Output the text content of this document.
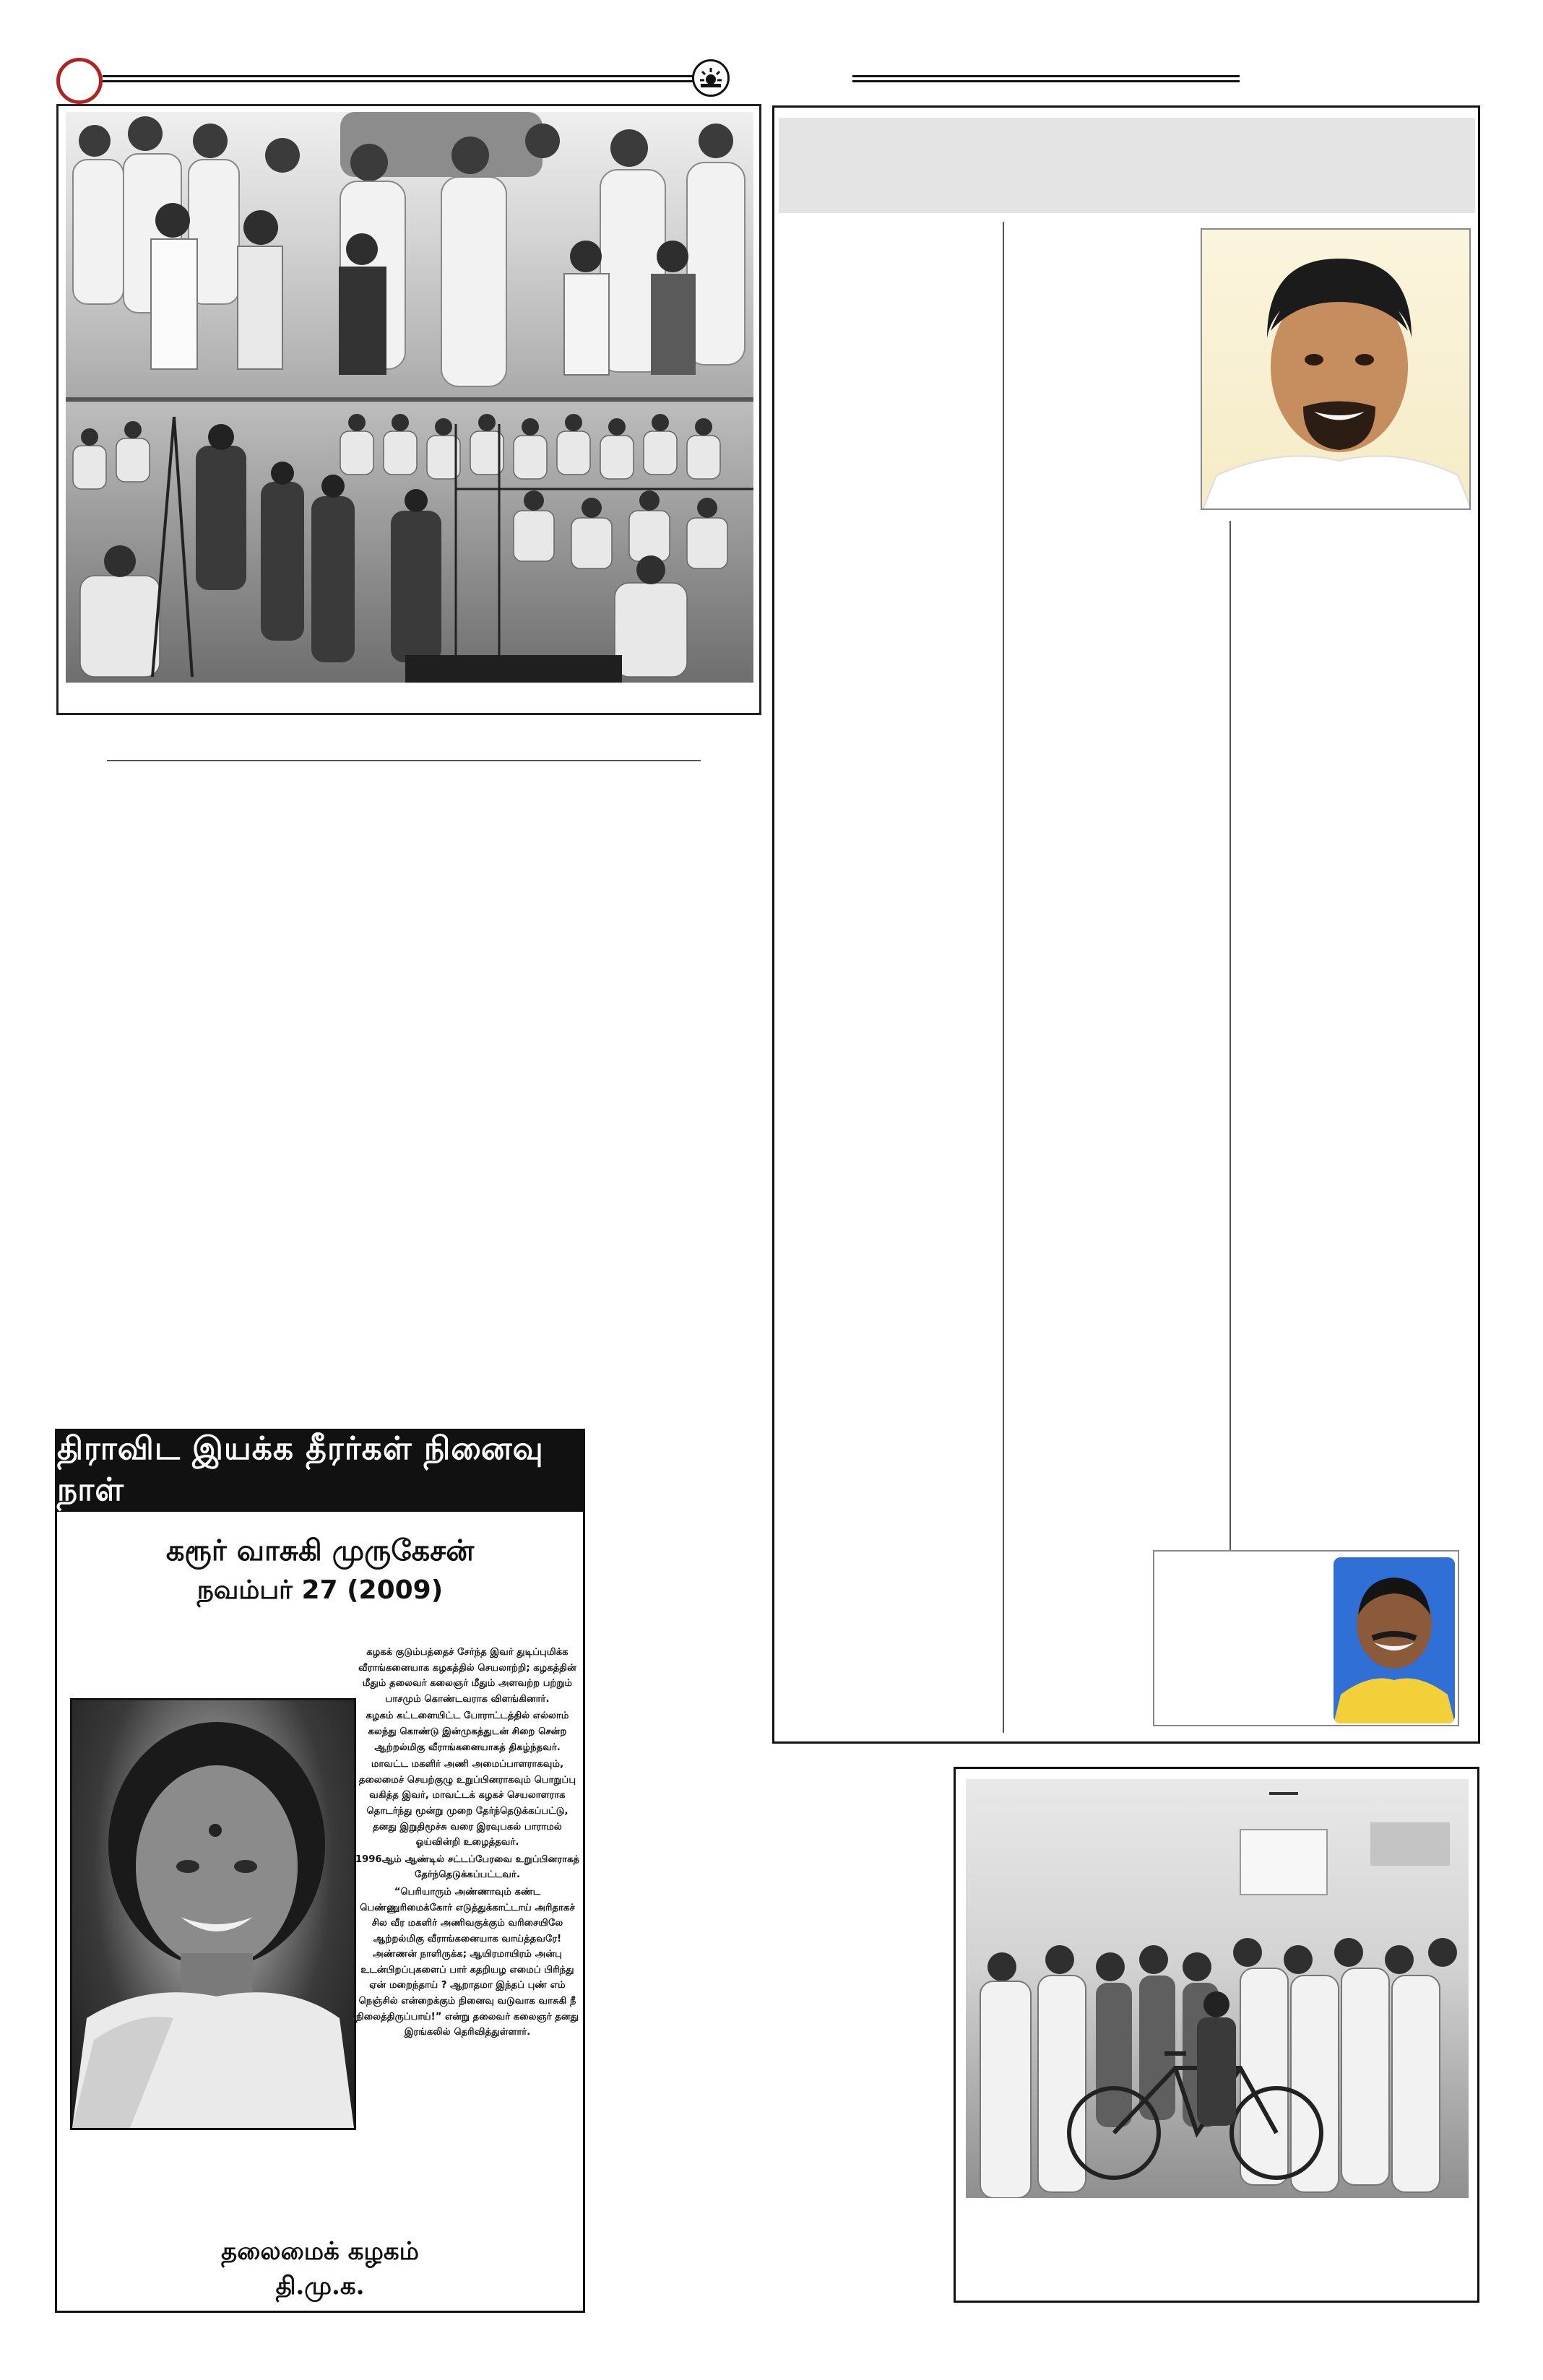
திராவிட இயக்க தீரர்கள் நினைவு நாள்
கரூர் வாசுகி முருகேசன்
நவம்பர் 27 (2009)

கழகக் குடும்பத்தைச் சேர்ந்த இவர் துடிப்புமிக்க வீராங்கனையாக கழகத்தில் செயலாற்றி; கழகத்தின் மீதும் தலைவர் கலைஞர் மீதும் அளவற்ற பற்றும் பாசமும் கொண்டவராக விளங்கினார்.

கழகம் கட்டளையிட்ட போராட்டத்தில் எல்லாம் கலந்து கொண்டு இன்முகத்துடன் சிறை சென்ற ஆற்றல்மிகு வீராங்கனையாகத் திகழ்ந்தவர்.

மாவட்ட மகளிர் அணி அமைப்பாளராகவும், தலைமைச் செயற்குழு உறுப்பினராகவும் பொறுப்பு வகித்த இவர், மாவட்டக் கழகச் செயலாளராக தொடர்ந்து மூன்று முறை தேர்ந்தெடுக்கப்பட்டு, தனது இறுதிமூச்சு வரை இரவுபகல் பாராமல் ஓய்வின்றி உழைத்தவர்.

1996ஆம் ஆண்டில் சட்டப்பேரவை உறுப்பினராகத் தேர்ந்தெடுக்கப்பட்டவர்.

“பெரியாரும் அண்ணாவும் கண்ட பெண்ணுரிமைக்கோர் எடுத்துக்காட்டாய் அரிதாகச் சில வீர மகளிர் அணிவகுக்கும் வரிசையிலே ஆற்றல்மிகு வீராங்கனையாக வாய்த்தவரே! அண்ணன் நாளிருக்க; ஆயிரமாயிரம் அன்பு உடன்பிறப்புகளைப் பார் கதறியழ எமைப் பிரிந்து ஏன் மறைந்தாய் ? ஆறாதமா இந்தப் புண் எம் நெஞ்சில் என்றைக்கும் நினைவு வடுவாக வாசுகி நீ நிலைத்திருப்பாய்!” என்று தலைவர் கலைஞர் தனது இரங்கலில் தெரிவித்துள்ளார்.

தலைமைக் கழகம்
தி.மு.க.
